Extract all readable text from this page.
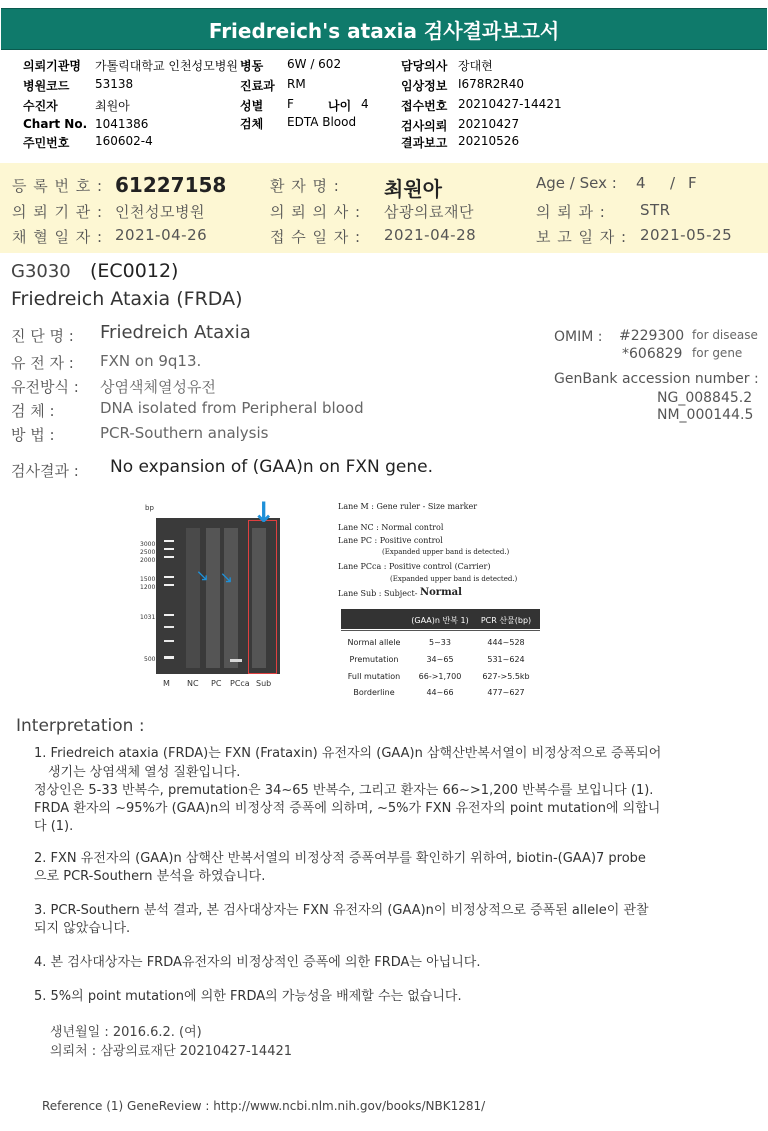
Friedreich's ataxia 검사결과보고서
의뢰기관명 가톨릭대학교 인천성모병원 병동 6W / 602	담당의사 장대현
병원코드 53138	진료과 RM	임상정보 I678R2R40
수진자	최원아	성별 F	나이 4	접수번호 20210427-14421
Chart No. 1041386	검체 EDTA Blood	검사의뢰 20210427
주민번호 160602-4	결과보고 20210526
등 록 번 호 : 61227158	환 자 명 : 최원아	Age / Sex : 4 / F
의 뢰 기 관 : 인천성모병원	의 뢰 의 사 : 삼광의료재단	의 뢰 과 : STR
채 혈 일 자 : 2021-04-26	접 수 일 자 : 2021-04-28	보 고 일 자 : 2021-05-25
G3030 (EC0012)
Friedreich Ataxia (FRDA)
진 단 명 : Friedreich Ataxia
유 전 자 : FXN on 9q13.
유전방식 : 상염색체열성유전
검 체 :	DNA isolated from Peripheral blood
방 법 :	PCR-Southern analysis
OMIM : #229300 for disease
*606829 for gene
GenBank accession number :
NG_008845.2
NM_000144.5
검사결과 : No expansion of (GAA)n on FXN gene.
bp	↓
→ →
3000
2500
2000
1500
1200
1031
500
M NC PC PCca Sub
Lane M : Gene ruler - Size marker
Lane NC : Normal control
Lane PC : Positive control
(Expanded upper band is detected.)
Lane PCca : Positive control (Carrier)
(Expanded upper band is detected.)
Lane Sub : Subject- Normal
(GAA)n 반복 1)	PCR 산물(bp)
Normal allele	5~33	444~528
Premutation	34~65	531~624
Full mutation	66->1,700	627->5.5kb
Borderline	44~66	477~627
Interpretation :
1. Friedreich ataxia (FRDA)는 FXN (Frataxin) 유전자의 (GAA)n 삼핵산반복서열이 비정상적으로 증폭되어
생기는 상염색체 열성 질환입니다.
정상인은 5-33 반복수, premutation은 34~65 반복수, 그리고 환자는 66~>1,200 반복수를 보입니다 (1).
FRDA 환자의 ~95%가 (GAA)n의 비정상적 증폭에 의하며, ~5%가 FXN 유전자의 point mutation에 의합니
다 (1).
2. FXN 유전자의 (GAA)n 삼핵산 반복서열의 비정상적 증폭여부를 확인하기 위하여, biotin-(GAA)7 probe
으로 PCR-Southern 분석을 하였습니다.
3. PCR-Southern 분석 결과, 본 검사대상자는 FXN 유전자의 (GAA)n이 비정상적으로 증폭된 allele이 관찰
되지 않았습니다.
4. 본 검사대상자는 FRDA유전자의 비정상적인 증폭에 의한 FRDA는 아닙니다.
5. 5%의 point mutation에 의한 FRDA의 가능성을 배제할 수는 없습니다.
생년월일 : 2016.6.2. (여)
의뢰처 : 삼광의료재단 20210427-14421
Reference (1) GeneReview : http://www.ncbi.nlm.nih.gov/books/NBK1281/
